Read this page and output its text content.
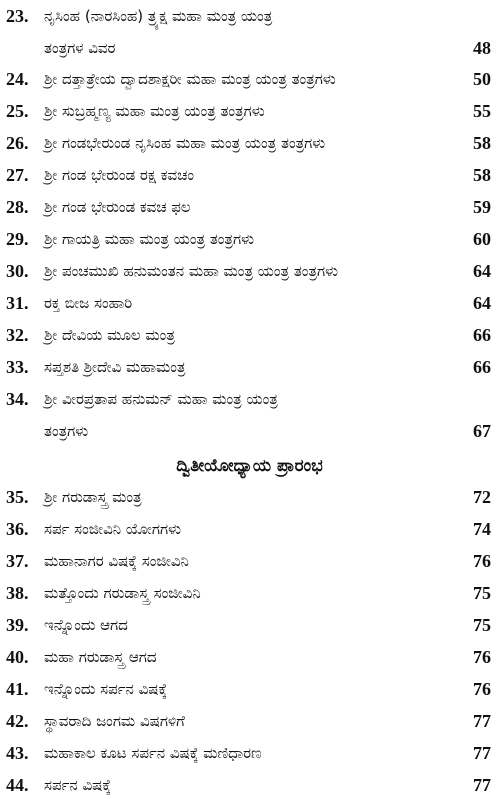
23.	ನೃಸಿಂಹ (ನಾರಸಿಂಹ) ತ್ರ್ಯಕ್ಷ ಮಹಾ ಮಂತ್ರ ಯಂತ್ರ
ತಂತ್ರಗಳ ವಿವರ	48
24.	ಶ್ರೀ ದತ್ತಾತ್ರೇಯ ದ್ವಾದಶಾಕ್ಷರೀ ಮಹಾ ಮಂತ್ರ ಯಂತ್ರ ತಂತ್ರಗಳು	50
25.	ಶ್ರೀ ಸುಬ್ರಹ್ಮಣ್ಯ ಮಹಾ ಮಂತ್ರ ಯಂತ್ರ ತಂತ್ರಗಳು	55
26.	ಶ್ರೀ ಗಂಡಭೇರುಂಡ ನೃಸಿಂಹ ಮಹಾ ಮಂತ್ರ ಯಂತ್ರ ತಂತ್ರಗಳು	58
27.	ಶ್ರೀ ಗಂಡ ಭೇರುಂಡ ರಕ್ಷ ಕವಚಂ	58
28.	ಶ್ರೀ ಗಂಡ ಭೇರುಂಡ ಕವಚ ಫಲ	59
29.	ಶ್ರೀ ಗಾಯತ್ರಿ ಮಹಾ ಮಂತ್ರ ಯಂತ್ರ ತಂತ್ರಗಳು	60
30.	ಶ್ರೀ ಪಂಚಮುಖಿ ಹನುಮಂತನ ಮಹಾ ಮಂತ್ರ ಯಂತ್ರ ತಂತ್ರಗಳು	64
31.	ರಕ್ತ ಬೀಜ ಸಂಹಾರಿ	64
32.	ಶ್ರೀ ದೇವಿಯ ಮೂಲ ಮಂತ್ರ	66
33.	ಸಪ್ತಶತಿ ಶ್ರೀದೇವಿ ಮಹಾಮಂತ್ರ	66
34.	ಶ್ರೀ ವೀರಪ್ರತಾಪ ಹನುಮನ್ ಮಹಾ ಮಂತ್ರ ಯಂತ್ರ
ತಂತ್ರಗಳು	67
ದ್ವಿತೀಯೋಧ್ಯಾಯ ಪ್ರಾರಂಭ
35.	ಶ್ರೀ ಗರುಡಾಸ್ತ್ರ ಮಂತ್ರ	72
36.	ಸರ್ಪ ಸಂಜೀವಿನಿ ಯೋಗಗಳು	74
37.	ಮಹಾನಾಗರ ವಿಷಕ್ಕೆ ಸಂಜೀವಿನಿ	76
38.	ಮತ್ತೊಂದು ಗರುಡಾಸ್ತ್ರ ಸಂಜೀವಿನಿ	75
39.	ಇನ್ನೊಂದು ಆಗದ	75
40.	ಮಹಾ ಗರುಡಾಸ್ತ್ರ ಆಗದ	76
41.	ಇನ್ನೊಂದು ಸರ್ಪನ ವಿಷಕ್ಕೆ	76
42.	ಸ್ಥಾವರಾದಿ ಜಂಗಮ ವಿಷಗಳಿಗೆ	77
43.	ಮಹಾಕಾಲ ಕೂಟ ಸರ್ಪನ ವಿಷಕ್ಕೆ ಮಣಿಧಾರಣ	77
44.	ಸರ್ಪನ ವಿಷಕ್ಕೆ	77
